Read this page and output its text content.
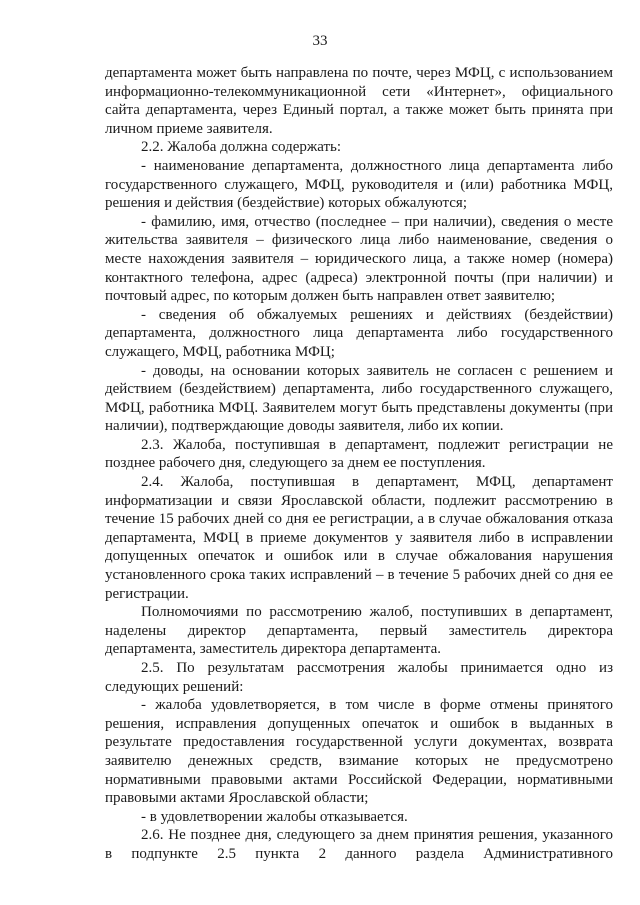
33

департамента может быть направлена по почте, через МФЦ, с использованием информационно-телекоммуникационной сети «Интернет», официального сайта департамента, через Единый портал, а также может быть принята при личном приеме заявителя.

2.2. Жалоба должна содержать:

- наименование департамента, должностного лица департамента либо государственного служащего, МФЦ, руководителя и (или) работника МФЦ, решения и действия (бездействие) которых обжалуются;

- фамилию, имя, отчество (последнее – при наличии), сведения о месте жительства заявителя – физического лица либо наименование, сведения о месте нахождения заявителя – юридического лица, а также номер (номера) контактного телефона, адрес (адреса) электронной почты (при наличии) и почтовый адрес, по которым должен быть направлен ответ заявителю;

- сведения об обжалуемых решениях и действиях (бездействии) департамента, должностного лица департамента либо государственного служащего, МФЦ, работника МФЦ;

- доводы, на основании которых заявитель не согласен с решением и действием (бездействием) департамента, либо государственного служащего, МФЦ, работника МФЦ. Заявителем могут быть представлены документы (при наличии), подтверждающие доводы заявителя, либо их копии.

2.3. Жалоба, поступившая в департамент, подлежит регистрации не позднее рабочего дня, следующего за днем ее поступления.

2.4. Жалоба, поступившая в департамент, МФЦ, департамент информатизации и связи Ярославской области, подлежит рассмотрению в течение 15 рабочих дней со дня ее регистрации, а в случае обжалования отказа департамента, МФЦ в приеме документов у заявителя либо в исправлении допущенных опечаток и ошибок или в случае обжалования нарушения установленного срока таких исправлений – в течение 5 рабочих дней со дня ее регистрации.

Полномочиями по рассмотрению жалоб, поступивших в департамент, наделены директор департамента, первый заместитель директора департамента, заместитель директора департамента.

2.5. По результатам рассмотрения жалобы принимается одно из следующих решений:

- жалоба удовлетворяется, в том числе в форме отмены принятого решения, исправления допущенных опечаток и ошибок в выданных в результате предоставления государственной услуги документах, возврата заявителю денежных средств, взимание которых не предусмотрено нормативными правовыми актами Российской Федерации, нормативными правовыми актами Ярославской области;

- в удовлетворении жалобы отказывается.

2.6. Не позднее дня, следующего за днем принятия решения, указанного в подпункте 2.5 пункта 2 данного раздела Административного
